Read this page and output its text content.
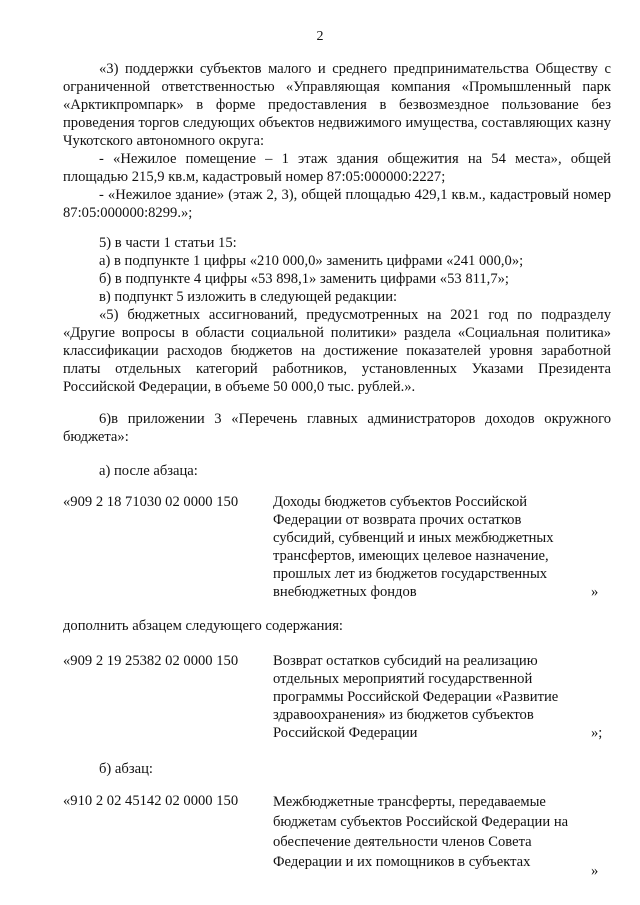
2
«3) поддержки субъектов малого и среднего предпринимательства Обществу с ограниченной ответственностью «Управляющая компания «Промышленный парк «Арктикпромпарк» в форме предоставления в безвозмездное пользование без проведения торгов следующих объектов недвижимого имущества, составляющих казну Чукотского автономного округа:
- «Нежилое помещение – 1 этаж здания общежития на 54 места», общей площадью 215,9 кв.м, кадастровый номер 87:05:000000:2227;
- «Нежилое здание» (этаж 2, 3), общей площадью 429,1 кв.м., кадастровый номер 87:05:000000:8299.»;
5) в части 1 статьи 15:
а) в подпункте 1 цифры «210 000,0» заменить цифрами «241 000,0»;
б) в подпункте 4 цифры «53 898,1» заменить цифрами «53 811,7»;
в) подпункт 5 изложить в следующей редакции:
«5) бюджетных ассигнований, предусмотренных на 2021 год по подразделу «Другие вопросы в области социальной политики» раздела «Социальная политика» классификации расходов бюджетов на достижение показателей уровня заработной платы отдельных категорий работников, установленных Указами Президента Российской Федерации, в объеме 50 000,0 тыс. рублей.».
6)в приложении 3 «Перечень главных администраторов доходов окружного бюджета»:
а) после абзаца:
«909 2 18 71030 02 0000 150 Доходы бюджетов субъектов Российской Федерации от возврата прочих остатков субсидий, субвенций и иных межбюджетных трансфертов, имеющих целевое назначение, прошлых лет из бюджетов государственных внебюджетных фондов	»
дополнить абзацем следующего содержания:
«909 2 19 25382 02 0000 150 Возврат остатков субсидий на реализацию отдельных мероприятий государственной программы Российской Федерации «Развитие здравоохранения» из бюджетов субъектов Российской Федерации	»;
б) абзац:
«910 2 02 45142 02 0000 150 Межбюджетные трансферты, передаваемые бюджетам субъектов Российской Федерации на обеспечение деятельности членов Совета Федерации и их помощников в субъектах
»
